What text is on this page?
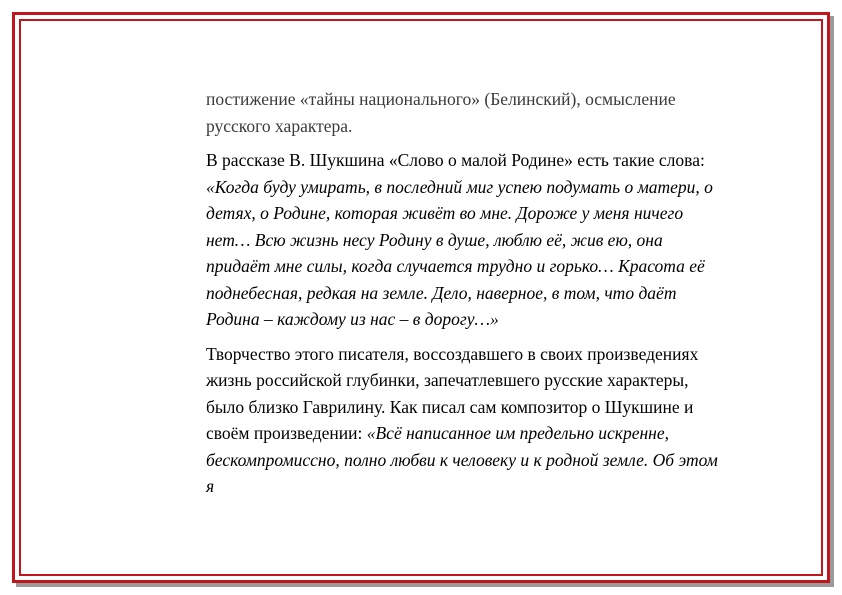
постижение «тайны национального» (Белинский), осмысление русского характера.

В рассказе В. Шукшина «Слово о малой Родине» есть такие слова: «Когда буду умирать, в последний миг успею подумать о матери, о детях, о Родине, которая живёт во мне. Дороже у меня ничего нет… Всю жизнь несу Родину в душе, люблю её, жив ею, она придаёт мне силы, когда случается трудно и горько… Красота её поднебесная, редкая на земле. Дело, наверное, в том, что даёт Родина – каждому из нас – в дорогу…»

Творчество этого писателя, воссоздавшего в своих произведениях жизнь российской глубинки, запечатлевшего русские характеры, было близко Гаврилину. Как писал сам композитор о Шукшине и своём произведении: «Всё написанное им предельно искренне, бескомпромиссно, полно любви к человеку и к родной земле. Об этом я
